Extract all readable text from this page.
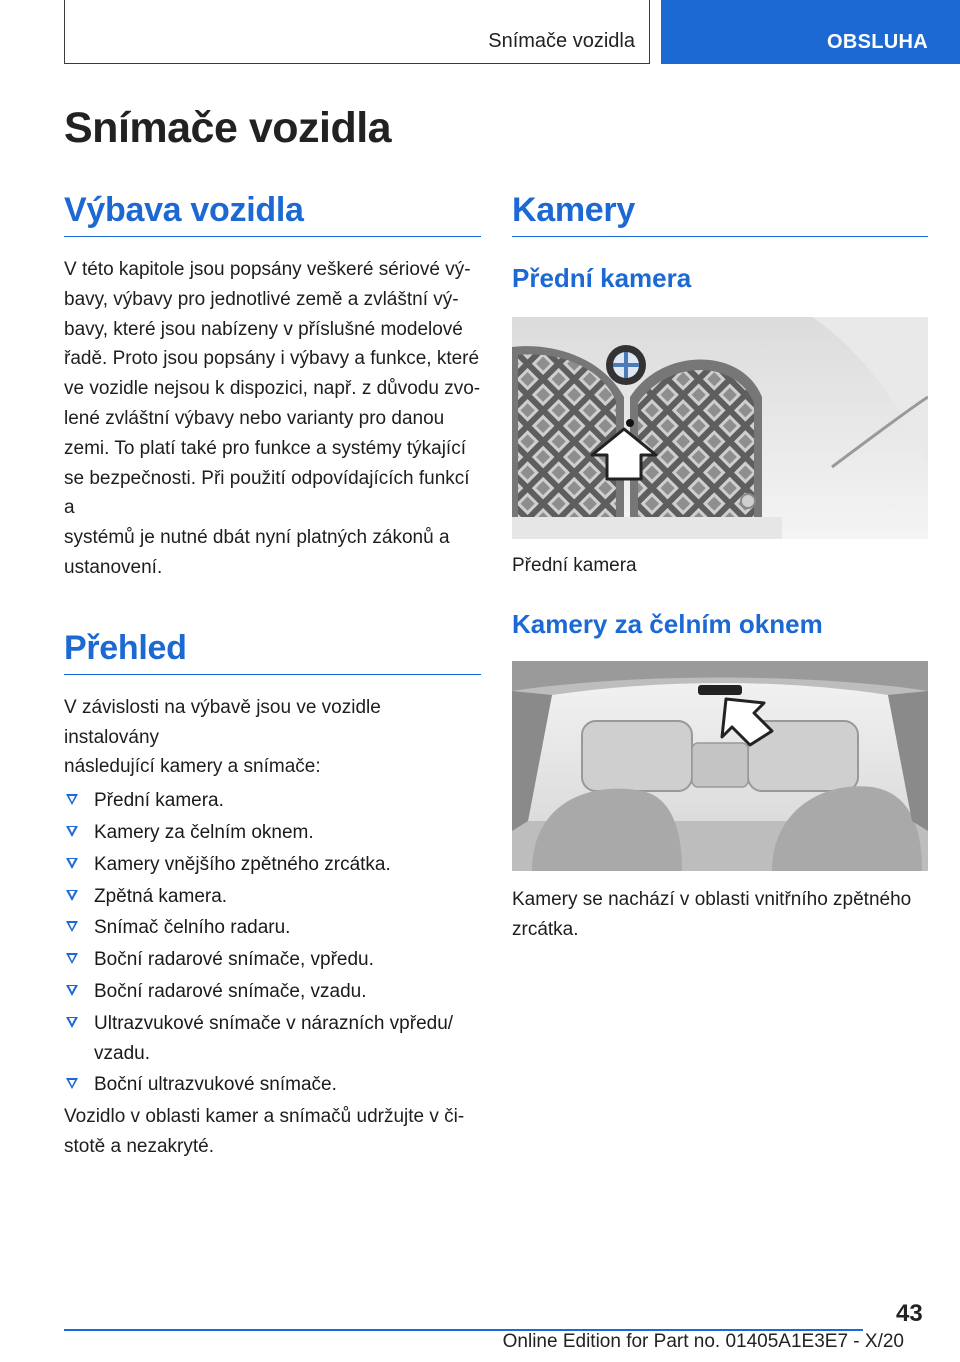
Snímače vozidla	OBSLUHA
Snímače vozidla
Výbava vozidla
V této kapitole jsou popsány veškeré sériové vý‐
bavy, výbavy pro jednotlivé země a zvláštní vý‐
bavy, které jsou nabízeny v příslušné modelové
řadě. Proto jsou popsány i výbavy a funkce, které
ve vozidle nejsou k dispozici, např. z důvodu zvo‐
lené zvláštní výbavy nebo varianty pro danou
zemi. To platí také pro funkce a systémy týkající
se bezpečnosti. Při použití odpovídajících funkcí a
systémů je nutné dbát nyní platných zákonů a
ustanovení.
Přehled
V závislosti na výbavě jsou ve vozidle instalovány
následující kamery a snímače:
Přední kamera.
Kamery za čelním oknem.
Kamery vnějšího zpětného zrcátka.
Zpětná kamera.
Snímač čelního radaru.
Boční radarové snímače, vpředu.
Boční radarové snímače, vzadu.
Ultrazvukové snímače v nárazních vpředu/
vzadu.
Boční ultrazvukové snímače.
Vozidlo v oblasti kamer a snímačů udržujte v či‐
stotě a nezakryté.
Kamery
Přední kamera
Přední kamera
Kamery za čelním oknem
Kamery se nachází v oblasti vnitřního zpětného
zrcátka.
43
Online Edition for Part no. 01405A1E3E7 - X/20
